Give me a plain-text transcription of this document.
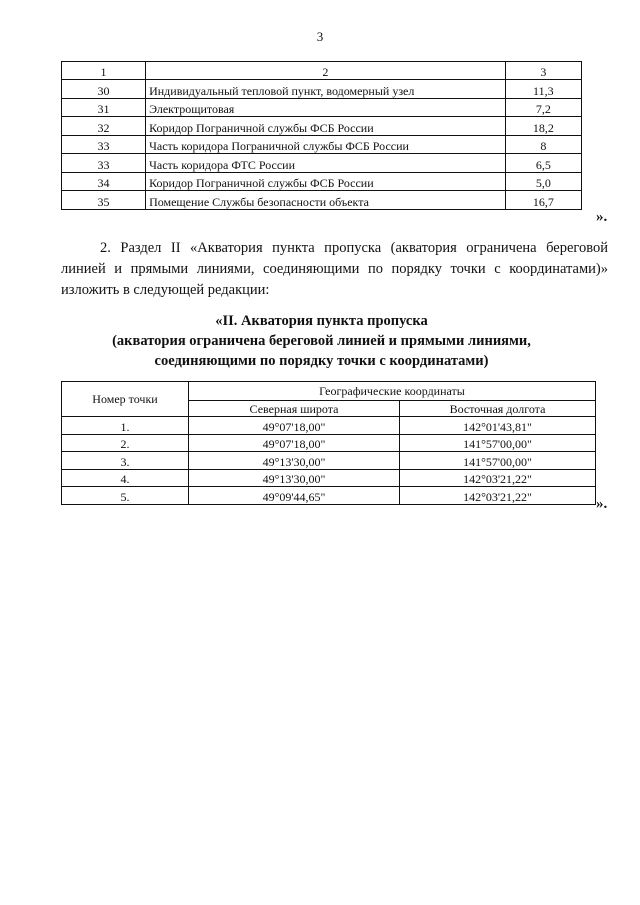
3
1	2	3
30	Индивидуальный тепловой пункт, водомерный узел	11,3
31	Электрощитовая	7,2
32	Коридор Пограничной службы ФСБ России	18,2
33	Часть коридора Пограничной службы ФСБ России	8
33	Часть коридора ФТС России	6,5
34	Коридор Пограничной службы ФСБ России	5,0
35	Помещение Службы безопасности объекта	16,7
».
2. Раздел II «Акватория пункта пропуска (акватория ограничена береговой линией и прямыми линиями, соединяющими по порядку точки с координатами)» изложить в следующей редакции:
«II. Акватория пункта пропуска
(акватория ограничена береговой линией и прямыми линиями,
соединяющими по порядку точки с координатами)
Номер точки	Географические координаты	
	Северная широта	Восточная долгота
1.	49°07'18,00"	142°01'43,81"
2.	49°07'18,00"	141°57'00,00"
3.	49°13'30,00"	141°57'00,00"
4.	49°13'30,00"	142°03'21,22"
5.	49°09'44,65"	142°03'21,22"	».
